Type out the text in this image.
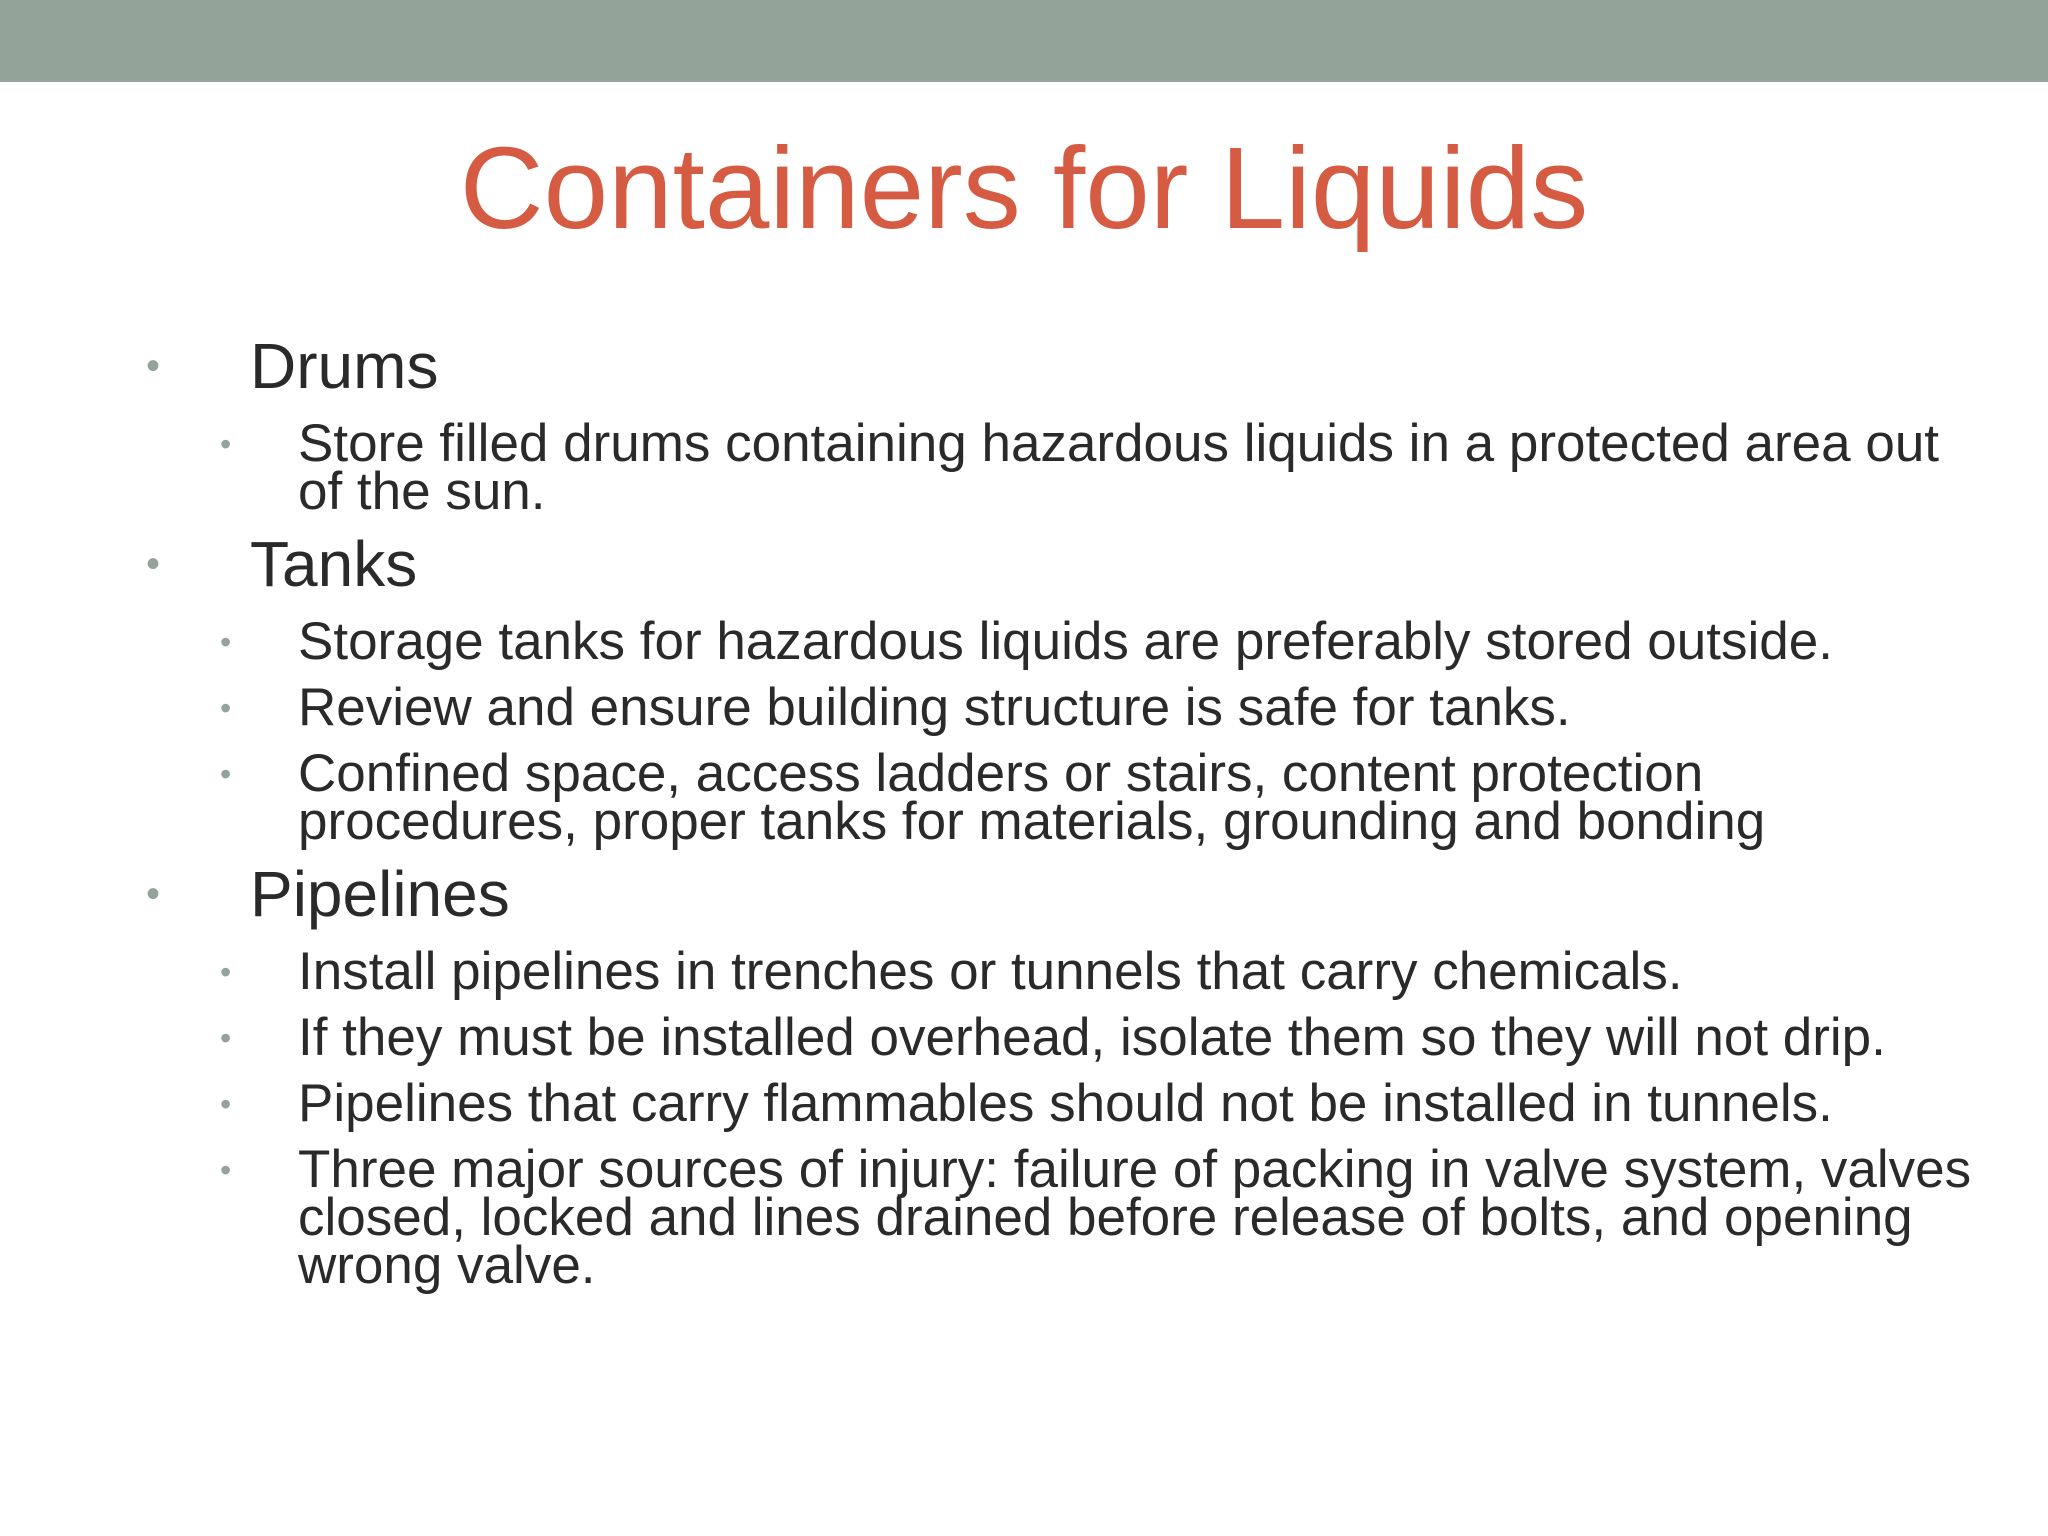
Containers for Liquids
• Drums
• Store filled drums containing hazardous liquids in a protected area out of the sun.
• Tanks
• Storage tanks for hazardous liquids are preferably stored outside.
• Review and ensure building structure is safe for tanks.
• Confined space, access ladders or stairs, content protection procedures, proper tanks for materials, grounding and bonding
• Pipelines
• Install pipelines in trenches or tunnels that carry chemicals.
• If they must be installed overhead, isolate them so they will not drip.
• Pipelines that carry flammables should not be installed in tunnels.
• Three major sources of injury: failure of packing in valve system, valves closed, locked and lines drained before release of bolts, and opening wrong valve.
